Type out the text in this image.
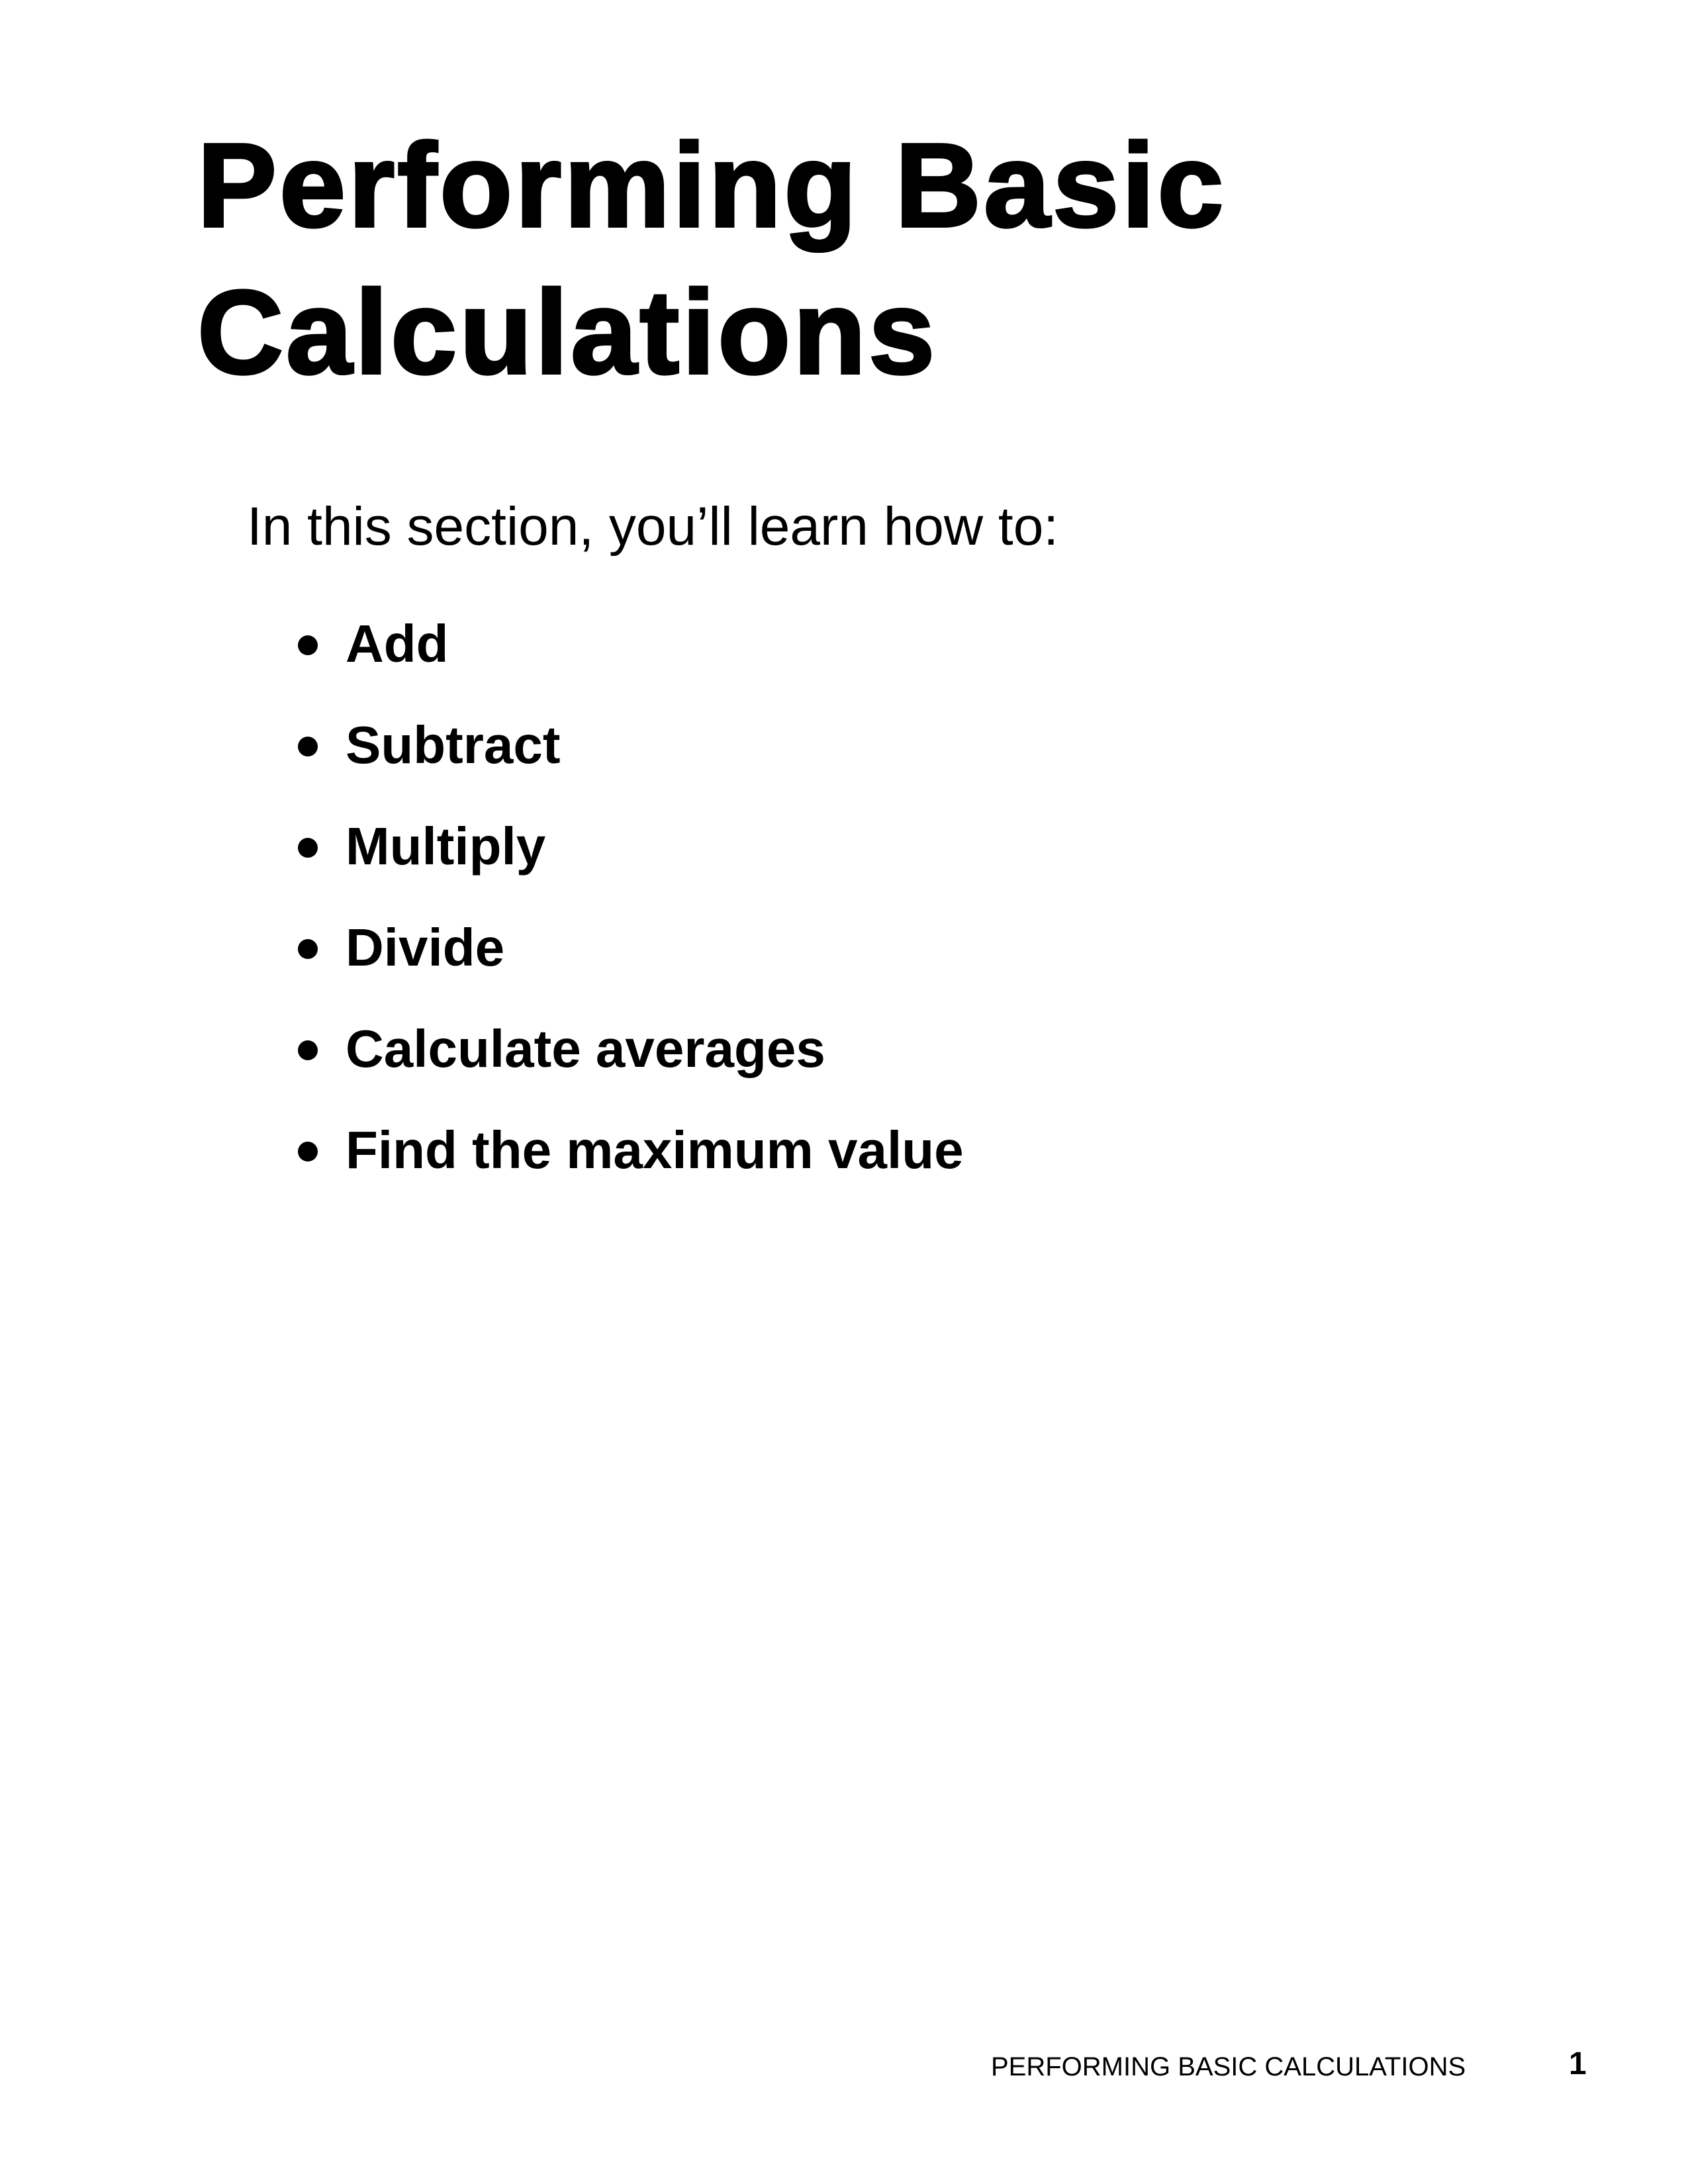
Performing Basic
Calculations

In this section, you’ll learn how to:

Add
Subtract
Multiply
Divide
Calculate averages
Find the maximum value
PERFORMING BASIC CALCULATIONS	1
